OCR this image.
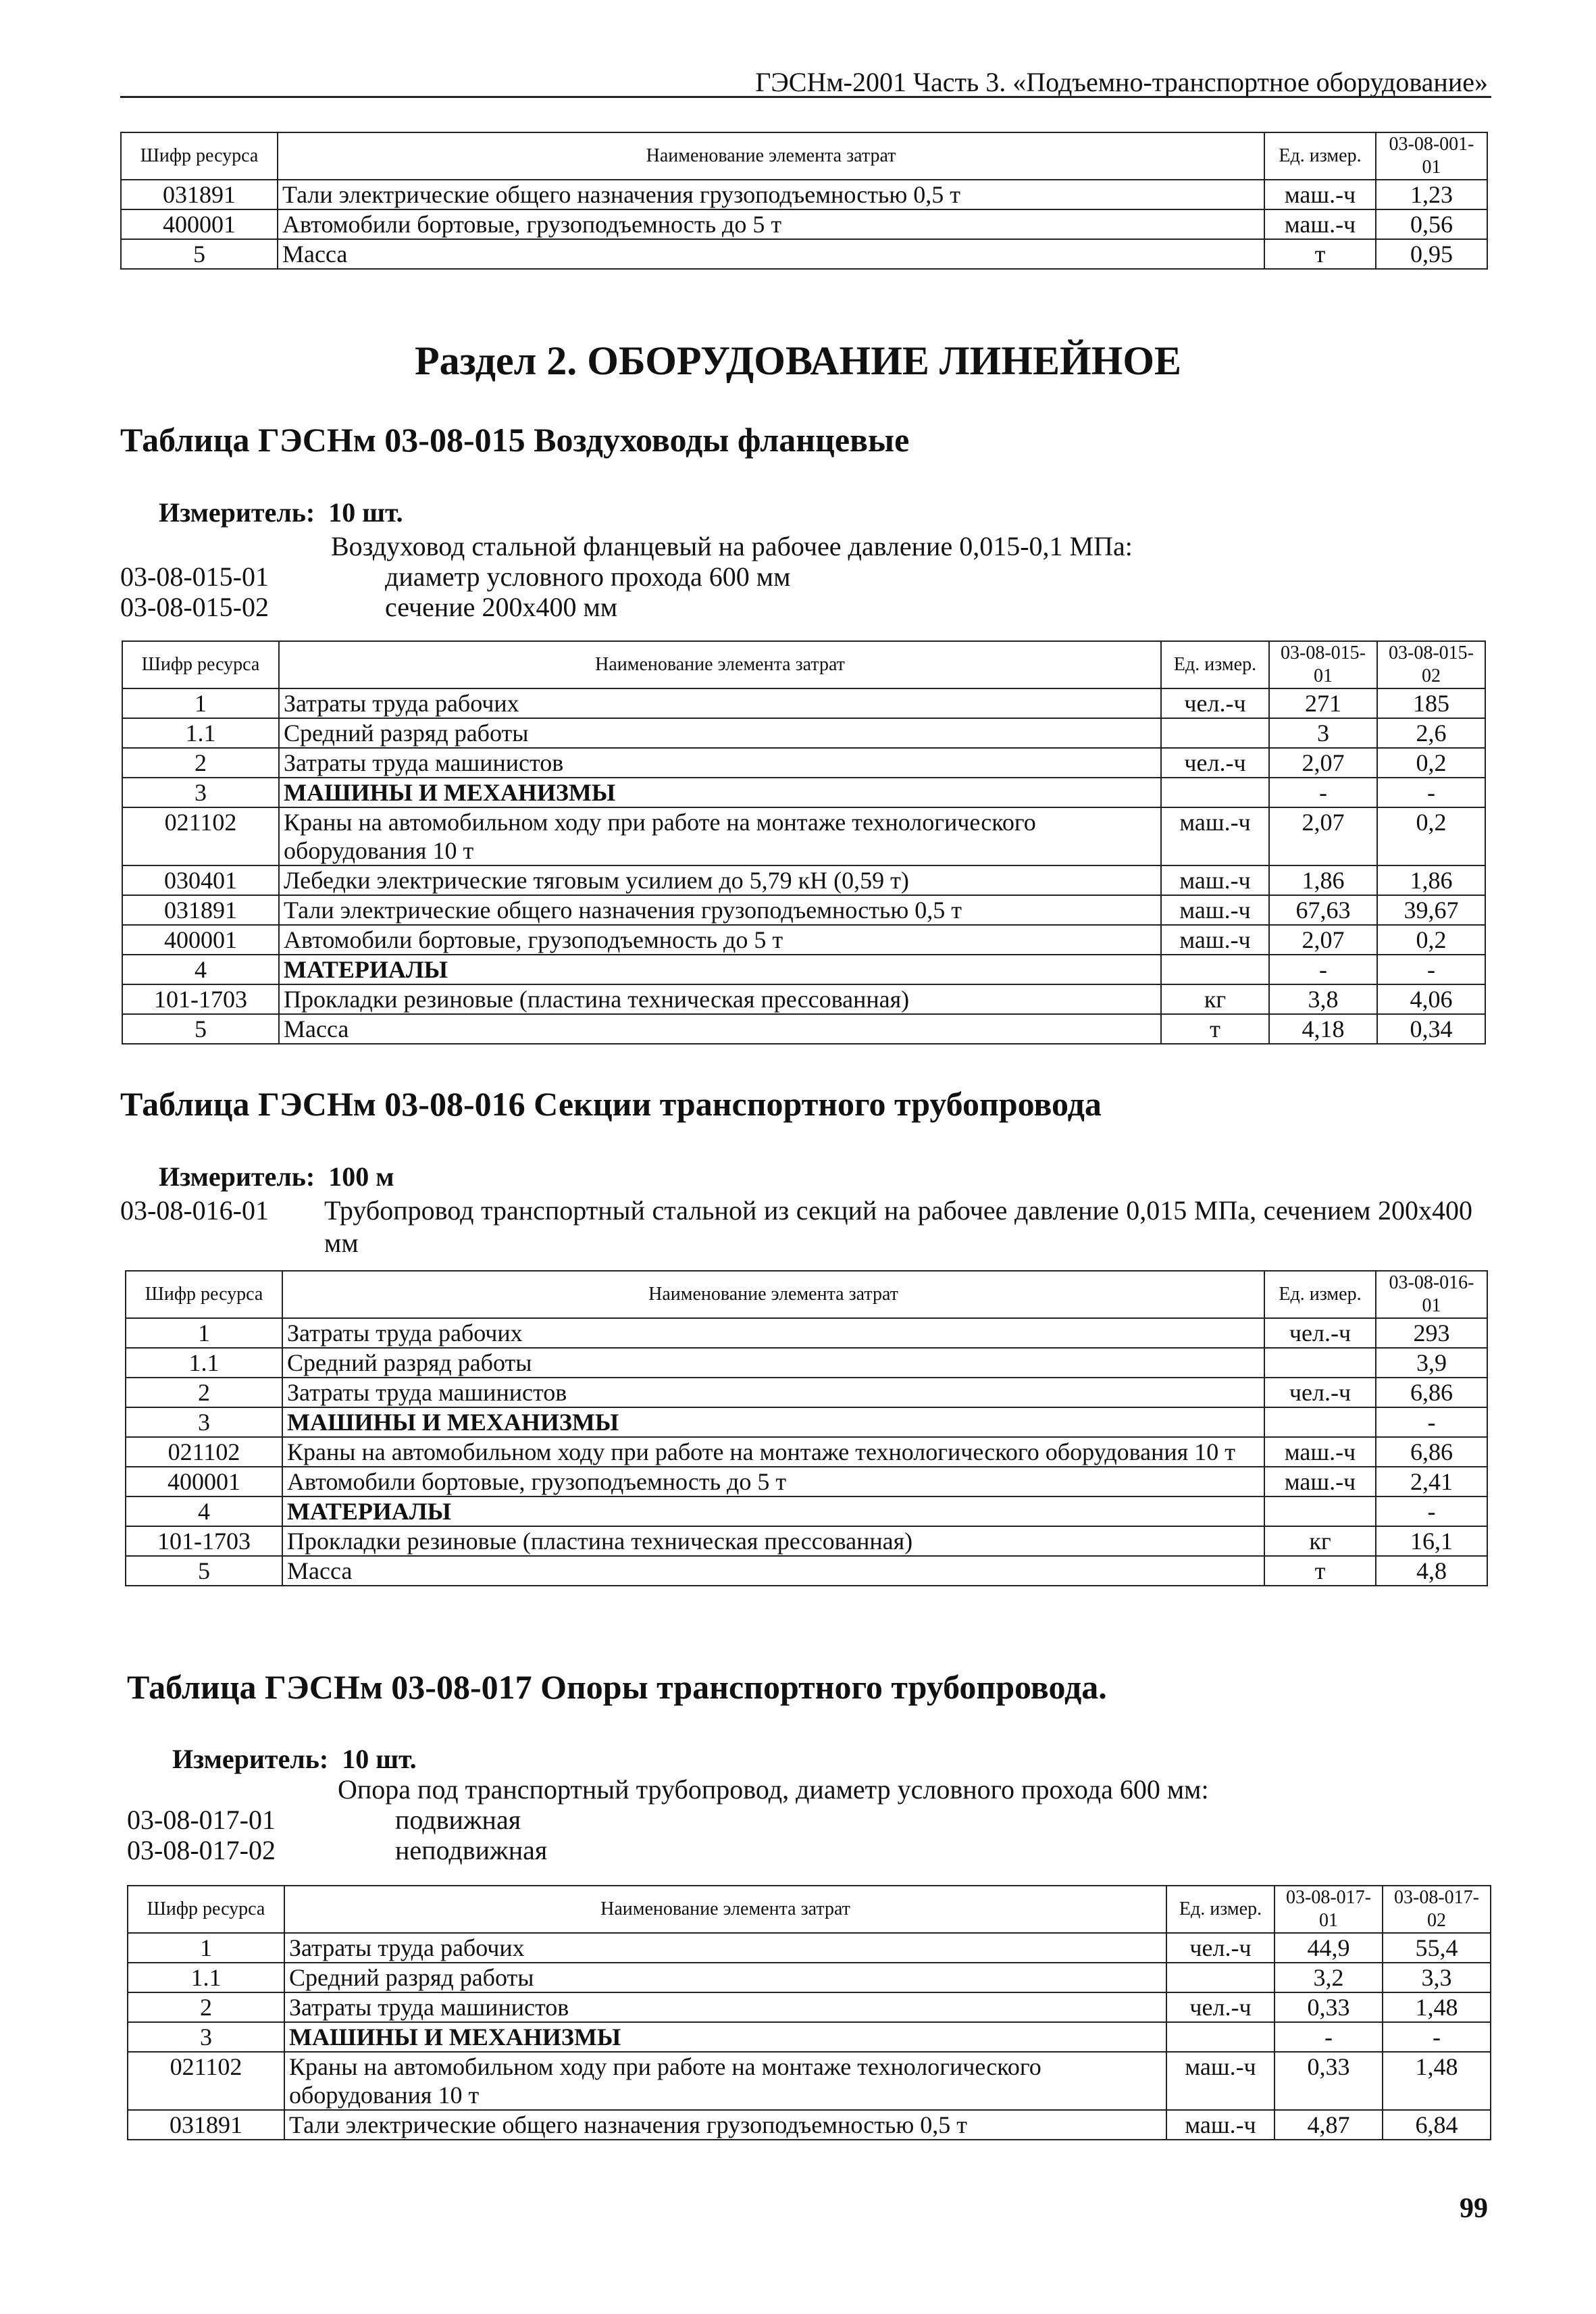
ГЭСНм-2001 Часть 3. «Подъемно-транспортное оборудование»
Шифр ресурса	Наименование элемента затрат	Ед. измер.	03-08-001-01
031891	Тали электрические общего назначения грузоподъемностью 0,5 т	маш.-ч	1,23
400001	Автомобили бортовые, грузоподъемность до 5 т	маш.-ч	0,56
5	Масса	т	0,95
Раздел 2. ОБОРУДОВАНИЕ ЛИНЕЙНОЕ
Таблица ГЭСНм 03-08-015 Воздуховоды фланцевые
Измеритель: 10 шт.
Воздуховод стальной фланцевый на рабочее давление 0,015-0,1 МПа:
03-08-015-01	диаметр условного прохода 600 мм
03-08-015-02	сечение 200х400 мм
Шифр ресурса	Наименование элемента затрат	Ед. измер.	03-08-015-01	03-08-015-02
1	Затраты труда рабочих	чел.-ч	271	185
1.1	Средний разряд работы		3	2,6
2	Затраты труда машинистов	чел.-ч	2,07	0,2
3	МАШИНЫ И МЕХАНИЗМЫ		-	-
021102	Краны на автомобильном ходу при работе на монтаже технологического оборудования 10 т	маш.-ч	2,07	0,2
030401	Лебедки электрические тяговым усилием до 5,79 кН (0,59 т)	маш.-ч	1,86	1,86
031891	Тали электрические общего назначения грузоподъемностью 0,5 т	маш.-ч	67,63	39,67
400001	Автомобили бортовые, грузоподъемность до 5 т	маш.-ч	2,07	0,2
4	МАТЕРИАЛЫ		-	-
101-1703	Прокладки резиновые (пластина техническая прессованная)	кг	3,8	4,06
5	Масса	т	4,18	0,34
Таблица ГЭСНм 03-08-016 Секции транспортного трубопровода
Измеритель: 100 м
03-08-016-01 Трубопровод транспортный стальной из секций на рабочее давление 0,015 МПа, сечением 200х400 мм
Шифр ресурса	Наименование элемента затрат	Ед. измер.	03-08-016-01
1	Затраты труда рабочих	чел.-ч	293
1.1	Средний разряд работы		3,9
2	Затраты труда машинистов	чел.-ч	6,86
3	МАШИНЫ И МЕХАНИЗМЫ		-
021102	Краны на автомобильном ходу при работе на монтаже технологического оборудования 10 т	маш.-ч	6,86
400001	Автомобили бортовые, грузоподъемность до 5 т	маш.-ч	2,41
4	МАТЕРИАЛЫ		-
101-1703	Прокладки резиновые (пластина техническая прессованная)	кг	16,1
5	Масса	т	4,8
Таблица ГЭСНм 03-08-017 Опоры транспортного трубопровода.
Измеритель: 10 шт.
Опора под транспортный трубопровод, диаметр условного прохода 600 мм:
03-08-017-01	подвижная
03-08-017-02	неподвижная
Шифр ресурса	Наименование элемента затрат	Ед. измер.	03-08-017-01	03-08-017-02
1	Затраты труда рабочих	чел.-ч	44,9	55,4
1.1	Средний разряд работы		3,2	3,3
2	Затраты труда машинистов	чел.-ч	0,33	1,48
3	МАШИНЫ И МЕХАНИЗМЫ		-	-
021102	Краны на автомобильном ходу при работе на монтаже технологического оборудования 10 т	маш.-ч	0,33	1,48
031891	Тали электрические общего назначения грузоподъемностью 0,5 т	маш.-ч	4,87	6,84
99
